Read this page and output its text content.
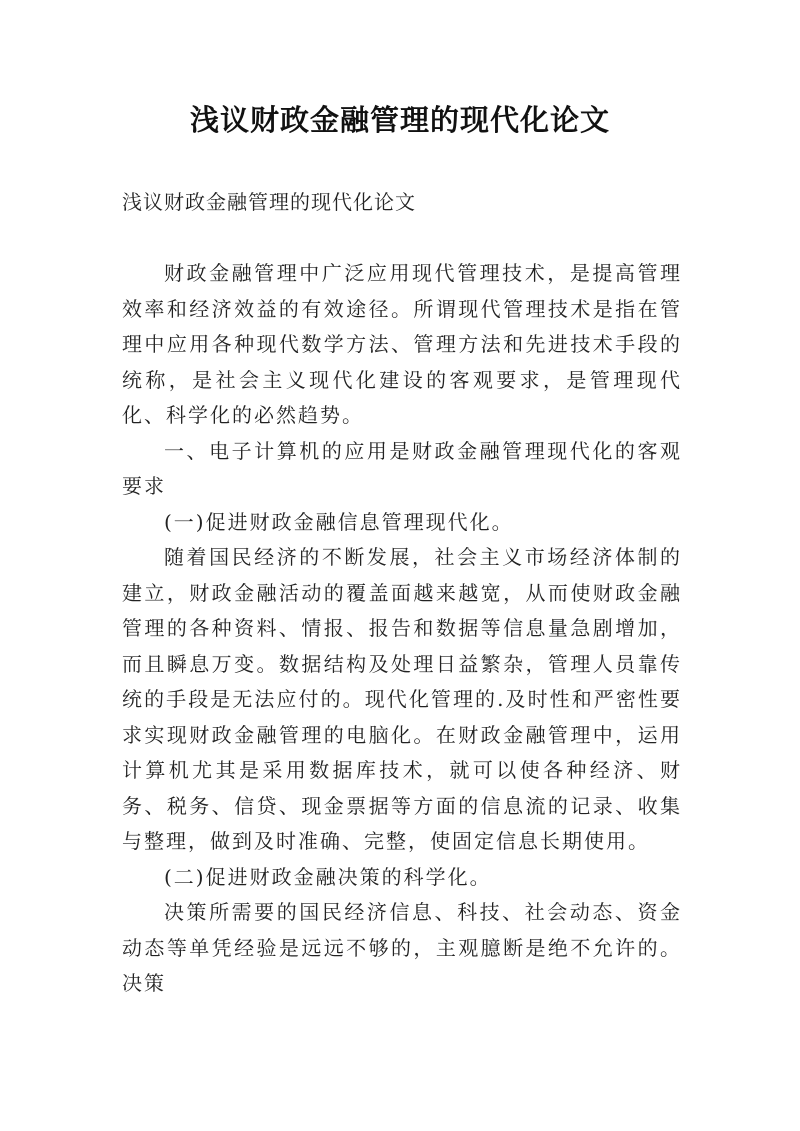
浅议财政金融管理的现代化论文
浅议财政金融管理的现代化论文

财政金融管理中广泛应用现代管理技术，是提高管理效率和经济效益的有效途径。所谓现代管理技术是指在管理中应用各种现代数学方法、管理方法和先进技术手段的统称，是社会主义现代化建设的客观要求，是管理现代化、科学化的必然趋势。

一、电子计算机的应用是财政金融管理现代化的客观要求

(一)促进财政金融信息管理现代化。

随着国民经济的不断发展，社会主义市场经济体制的建立，财政金融活动的覆盖面越来越宽，从而使财政金融管理的各种资料、情报、报告和数据等信息量急剧增加，而且瞬息万变。数据结构及处理日益繁杂，管理人员靠传统的手段是无法应付的。现代化管理的.及时性和严密性要求实现财政金融管理的电脑化。在财政金融管理中，运用计算机尤其是采用数据库技术，就可以使各种经济、财务、税务、信贷、现金票据等方面的信息流的记录、收集与整理，做到及时准确、完整，使固定信息长期使用。

(二)促进财政金融决策的科学化。

决策所需要的国民经济信息、科技、社会动态、资金动态等单凭经验是远远不够的，主观臆断是绝不允许的。决策
